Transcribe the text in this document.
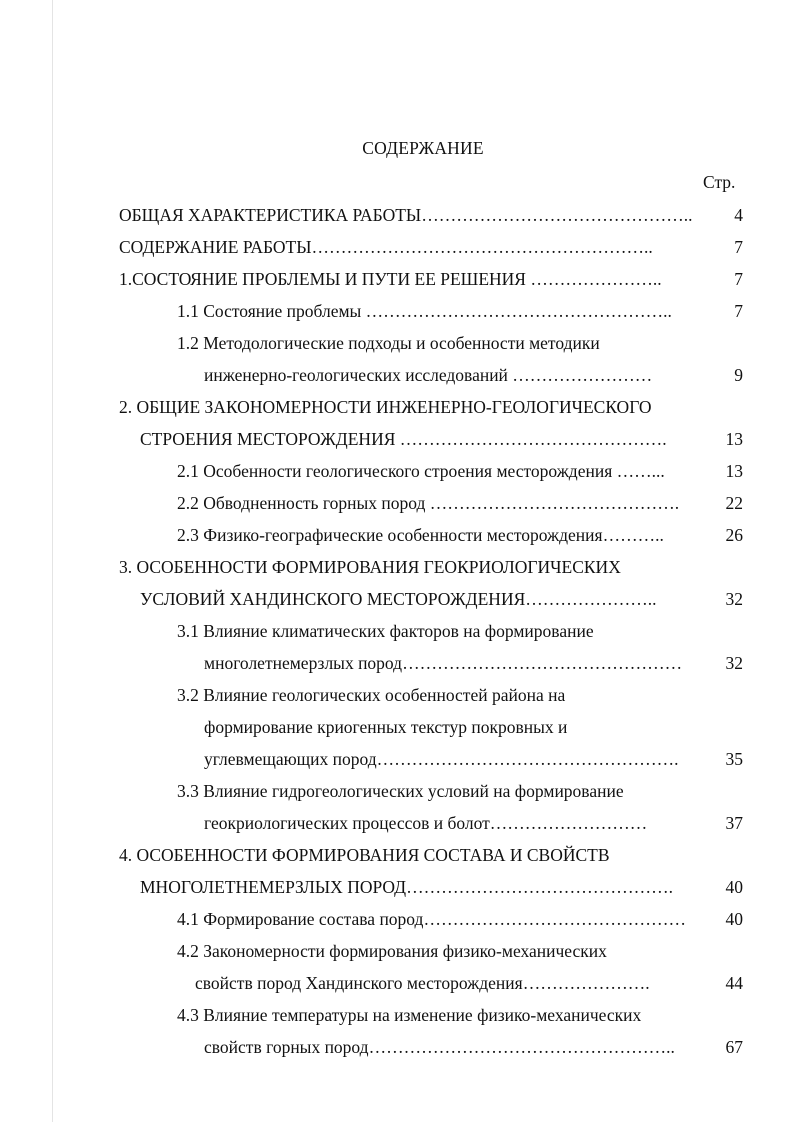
СОДЕРЖАНИЕ
Стр.
ОБЩАЯ ХАРАКТЕРИСТИКА РАБОТЫ………………………………………..	4
СОДЕРЖАНИЕ РАБОТЫ…………………………………………………..	7
1.СОСТОЯНИЕ ПРОБЛЕМЫ И ПУТИ ЕЕ РЕШЕНИЯ …………………..	7
1.1 Состояние проблемы ……………………………………………..	7
1.2 Методологические подходы и особенности методики
инженерно-геологических исследований ……………………	9
2. ОБЩИЕ ЗАКОНОМЕРНОСТИ ИНЖЕНЕРНО-ГЕОЛОГИЧЕСКОГО
СТРОЕНИЯ МЕСТОРОЖДЕНИЯ ……………………………………….	13
2.1 Особенности геологического строения месторождения ……...	13
2.2 Обводненность горных пород …………………………………….	22
2.3 Физико-географические особенности месторождения………..	26
3. ОСОБЕННОСТИ ФОРМИРОВАНИЯ ГЕОКРИОЛОГИЧЕСКИХ
УСЛОВИЙ ХАНДИНСКОГО МЕСТОРОЖДЕНИЯ…………………..	32
3.1 Влияние климатических факторов на формирование
многолетнемерзлых пород…………………………………………	32
3.2 Влияние геологических особенностей района на
формирование криогенных текстур покровных и
углевмещающих пород…………………………………………….	35
3.3 Влияние гидрогеологических условий на формирование
геокриологических процессов и болот………………………	37
4. ОСОБЕННОСТИ ФОРМИРОВАНИЯ СОСТАВА И СВОЙСТВ
МНОГОЛЕТНЕМЕРЗЛЫХ ПОРОД……………………………………….	40
4.1 Формирование состава пород………………………………………	40
4.2 Закономерности формирования физико-механических
свойств пород Хандинского месторождения………………….	44
4.3 Влияние температуры на изменение физико-механических
свойств горных пород……………………………………………..	67
